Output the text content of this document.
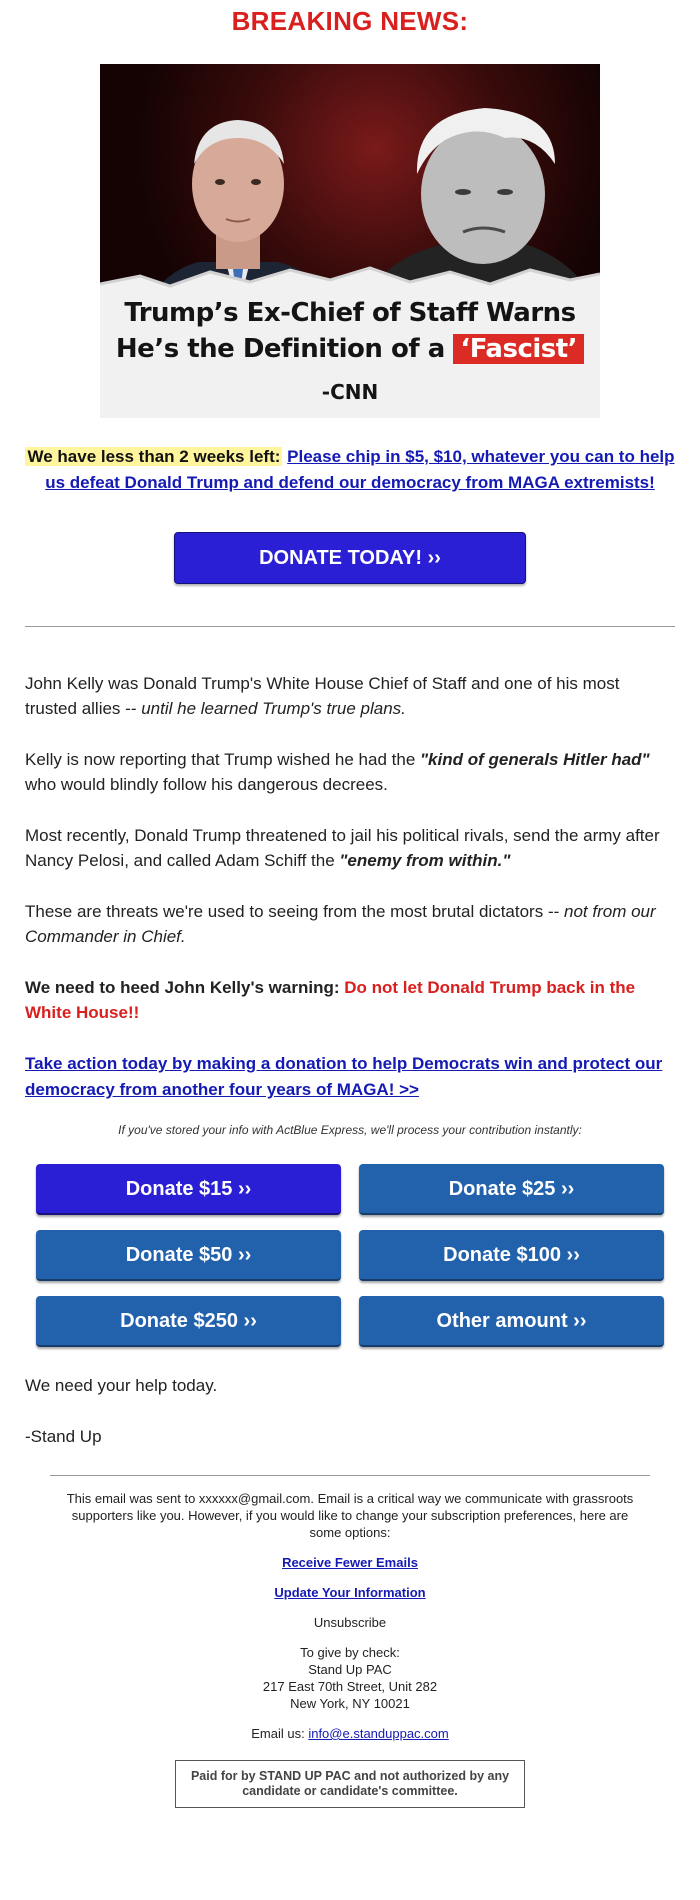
BREAKING NEWS:
Trump’s Ex-Chief of Staff Warns
He’s the Definition of a ‘Fascist’
-CNN
We have less than 2 weeks left: Please chip in $5, $10, whatever you can to help us defeat Donald Trump and defend our democracy from MAGA extremists!
DONATE TODAY! ››

John Kelly was Donald Trump's White House Chief of Staff and one of his most trusted allies -- until he learned Trump's true plans.

Kelly is now reporting that Trump wished he had the "kind of generals Hitler had" who would blindly follow his dangerous decrees.

Most recently, Donald Trump threatened to jail his political rivals, send the army after Nancy Pelosi, and called Adam Schiff the "enemy from within."

These are threats we're used to seeing from the most brutal dictators -- not from our Commander in Chief.

We need to heed John Kelly's warning: Do not let Donald Trump back in the White House!!

Take action today by making a donation to help Democrats win and protect our democracy from another four years of MAGA! >>

If you've stored your info with ActBlue Express, we'll process your contribution instantly:
Donate $15 ››	Donate $25 ››
Donate $50 ››	Donate $100 ››
Donate $250 ››	Other amount ››

We need your help today.

-Stand Up

This email was sent to xxxxxx@gmail.com. Email is a critical way we communicate with grassroots supporters like you. However, if you would like to change your subscription preferences, here are some options:
Receive Fewer Emails
Update Your Information
Unsubscribe
To give by check:
Stand Up PAC
217 East 70th Street, Unit 282
New York, NY 10021
Email us: info@e.standuppac.com
Paid for by STAND UP PAC and not authorized by any candidate or candidate's committee.
